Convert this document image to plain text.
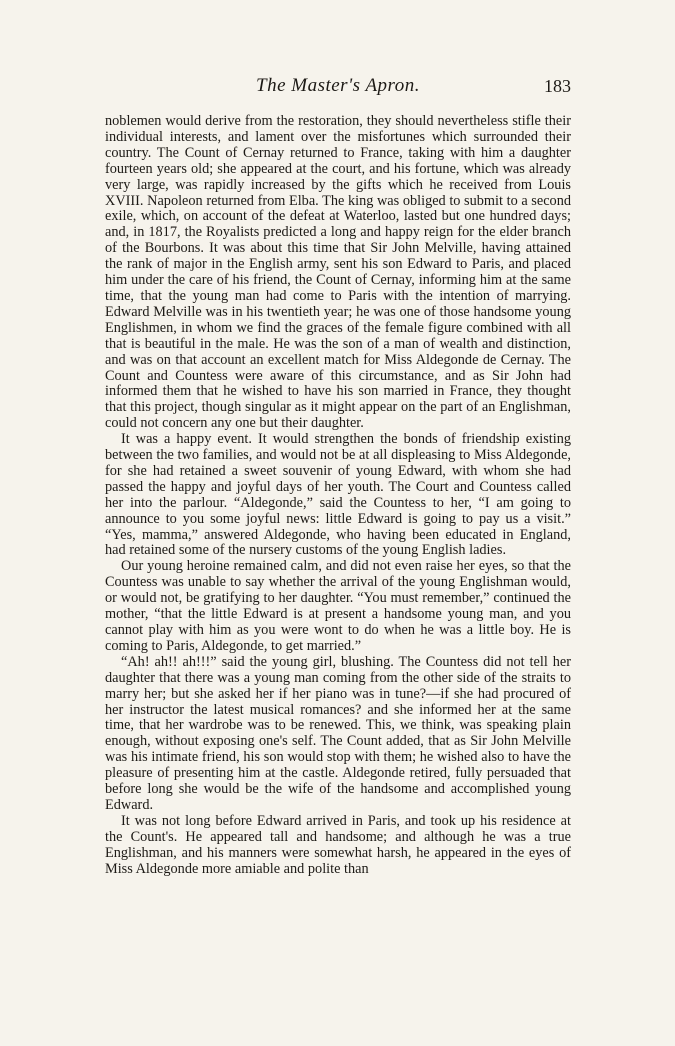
The Master's Apron.	183

noblemen would derive from the restoration, they should nevertheless stifle their individual interests, and lament over the misfortunes which surrounded their country. The Count of Cernay returned to France, taking with him a daughter fourteen years old; she appeared at the court, and his fortune, which was already very large, was rapidly increased by the gifts which he received from Louis XVIII. Napoleon returned from Elba. The king was obliged to submit to a second exile, which, on account of the defeat at Waterloo, lasted but one hundred days; and, in 1817, the Royalists predicted a long and happy reign for the elder branch of the Bourbons. It was about this time that Sir John Melville, having attained the rank of major in the English army, sent his son Edward to Paris, and placed him under the care of his friend, the Count of Cernay, informing him at the same time, that the young man had come to Paris with the intention of marrying. Edward Melville was in his twentieth year; he was one of those handsome young Englishmen, in whom we find the graces of the female figure combined with all that is beautiful in the male. He was the son of a man of wealth and distinction, and was on that account an excellent match for Miss Aldegonde de Cernay. The Count and Countess were aware of this circumstance, and as Sir John had informed them that he wished to have his son married in France, they thought that this project, though singular as it might appear on the part of an Englishman, could not concern any one but their daughter.

It was a happy event. It would strengthen the bonds of friendship existing between the two families, and would not be at all displeasing to Miss Aldegonde, for she had retained a sweet souvenir of young Edward, with whom she had passed the happy and joyful days of her youth. The Court and Countess called her into the parlour. “Aldegonde,” said the Countess to her, “I am going to announce to you some joyful news: little Edward is going to pay us a visit.” “Yes, mamma,” answered Aldegonde, who having been educated in England, had retained some of the nursery customs of the young English ladies.

Our young heroine remained calm, and did not even raise her eyes, so that the Countess was unable to say whether the arrival of the young Englishman would, or would not, be gratifying to her daughter. “You must remember,” continued the mother, “that the little Edward is at present a handsome young man, and you cannot play with him as you were wont to do when he was a little boy. He is coming to Paris, Aldegonde, to get married.”

“Ah! ah!! ah!!!” said the young girl, blushing. The Countess did not tell her daughter that there was a young man coming from the other side of the straits to marry her; but she asked her if her piano was in tune?—if she had procured of her instructor the latest musical romances? and she informed her at the same time, that her wardrobe was to be renewed. This, we think, was speaking plain enough, without exposing one's self. The Count added, that as Sir John Melville was his intimate friend, his son would stop with them; he wished also to have the pleasure of presenting him at the castle. Aldegonde retired, fully persuaded that before long she would be the wife of the handsome and accomplished young Edward.

It was not long before Edward arrived in Paris, and took up his residence at the Count's. He appeared tall and handsome; and although he was a true Englishman, and his manners were somewhat harsh, he appeared in the eyes of Miss Aldegonde more amiable and polite than
